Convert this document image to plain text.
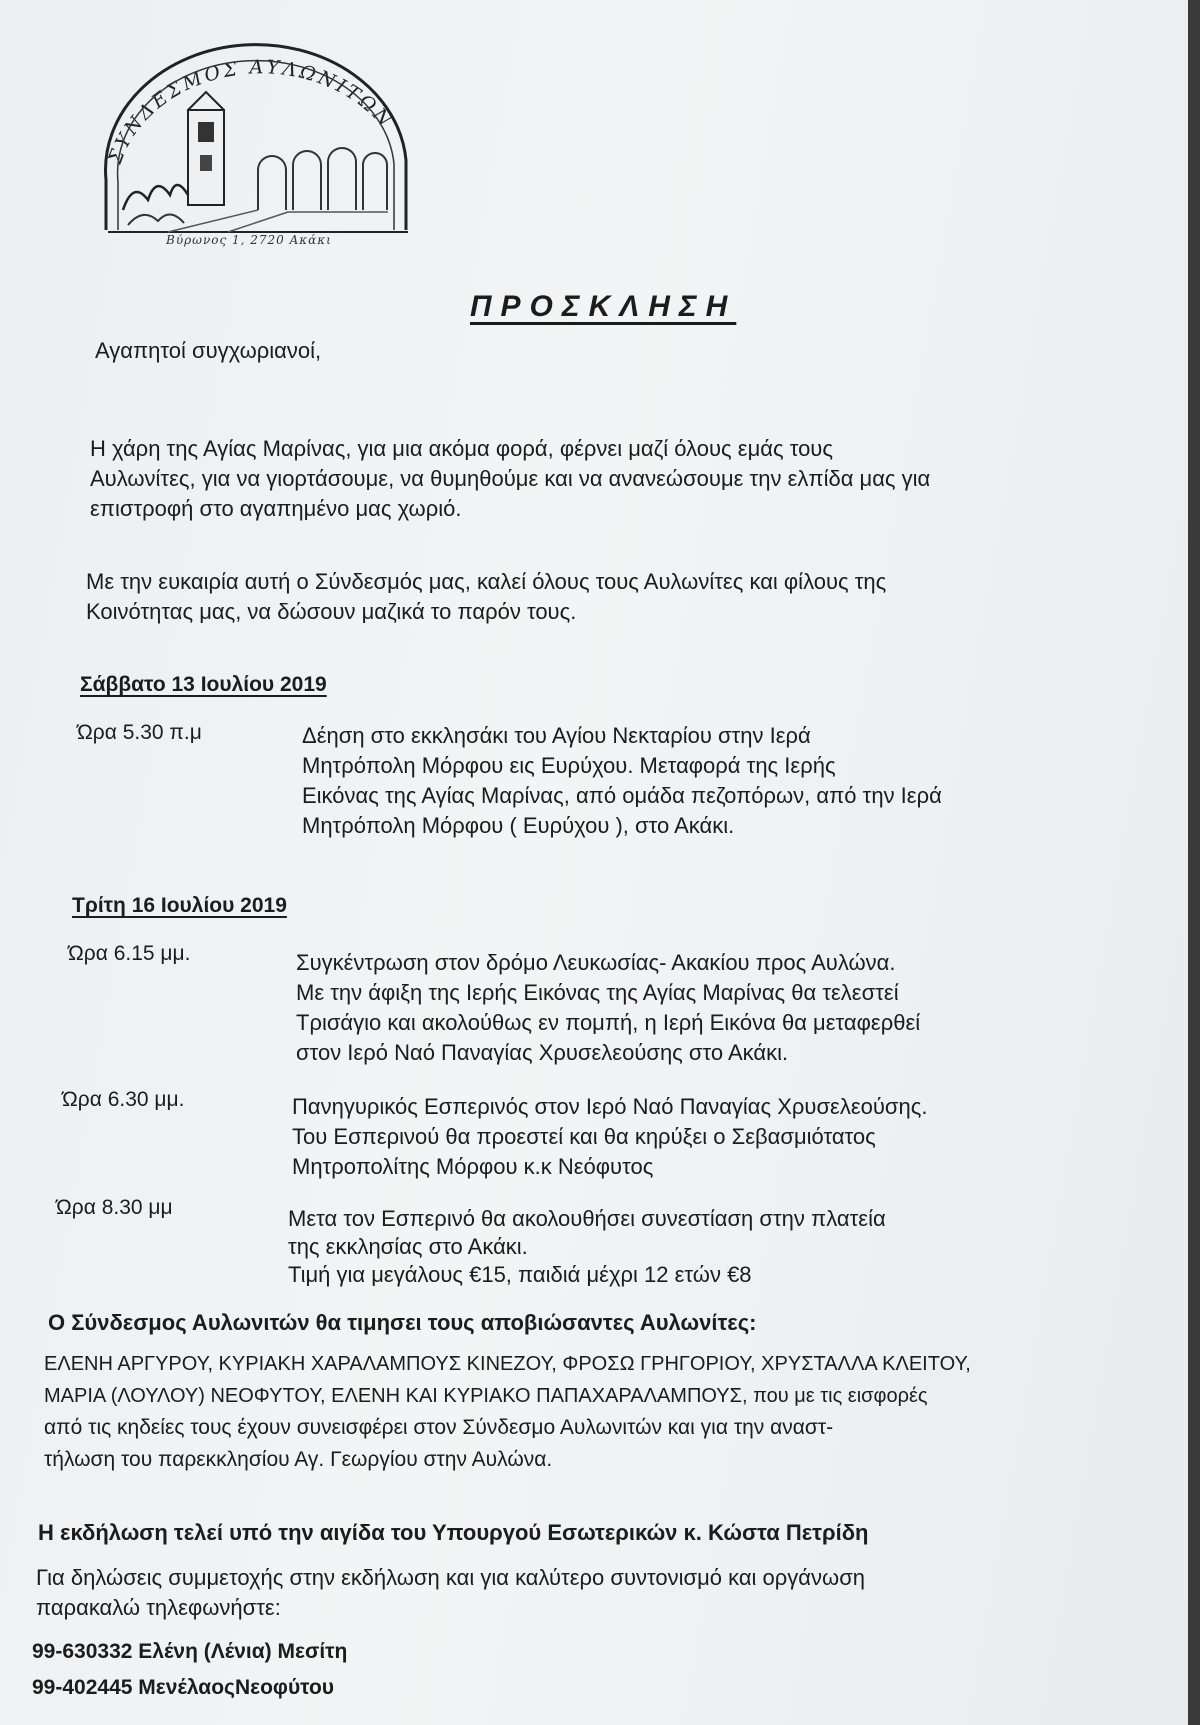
ΣΥΝΔΕΣΜΟΣ ΑΥΛΩΝΙΤΩΝ
Βύρωνος 1, 2720 Ακάκι
ΠΡΟΣΚΛΗΣΗ
Αγαπητοί συγχωριανοί,
Η χάρη της Αγίας Μαρίνας, για μια ακόμα φορά, φέρνει μαζί όλους εμάς τους
Αυλωνίτες, για να γιορτάσουμε, να θυμηθούμε και να ανανεώσουμε την ελπίδα μας για
επιστροφή στο αγαπημένο μας χωριό.
Με την ευκαιρία αυτή ο Σύνδεσμός μας, καλεί όλους τους Αυλωνίτες και φίλους της
Κοινότητας μας, να δώσουν μαζικά το παρόν τους.
Σάββατο 13 Ιουλίου 2019
Ώρα 5.30 π.μ	Δέηση στο εκκλησάκι του Αγίου Νεκταρίου στην Ιερά
Μητρόπολη Μόρφου εις Ευρύχου. Μεταφορά της Ιερής
Εικόνας της Αγίας Μαρίνας, από ομάδα πεζοπόρων, από την Ιερά
Μητρόπολη Μόρφου ( Ευρύχου ), στο Ακάκι.
Τρίτη 16 Ιουλίου 2019
Ώρα 6.15 μμ.	Συγκέντρωση στον δρόμο Λευκωσίας- Ακακίου προς Αυλώνα.
Με την άφιξη της Ιερής Εικόνας της Αγίας Μαρίνας θα τελεστεί
Τρισάγιο και ακολούθως εν πομπή, η Ιερή Εικόνα θα μεταφερθεί
στον Ιερό Ναό Παναγίας Χρυσελεούσης στο Ακάκι.
Ώρα 6.30 μμ.	Πανηγυρικός Εσπερινός στον Ιερό Ναό Παναγίας Χρυσελεούσης.
Του Εσπερινού θα προεστεί και θα κηρύξει ο Σεβασμιότατος
Μητροπολίτης Μόρφου κ.κ Νεόφυτος
Ώρα 8.30 μμ	Μετα τον Εσπερινό θα ακολουθήσει συνεστίαση στην πλατεία
της εκκλησίας στο Ακάκι.
Τιμή για μεγάλους €15, παιδιά μέχρι 12 ετών €8
Ο Σύνδεσμος Αυλωνιτών θα τιμησει τους αποβιώσαντες Αυλωνίτες:
ΕΛΕΝΗ ΑΡΓΥΡΟΥ, ΚΥΡΙΑΚΗ ΧΑΡΑΛΑΜΠΟΥΣ ΚΙΝΕΖΟΥ, ΦΡΟΣΩ ΓΡΗΓΟΡΙΟΥ, ΧΡΥΣΤΑΛΛΑ ΚΛΕΙΤΟΥ,
ΜΑΡΙΑ (ΛΟΥΛΟΥ) ΝΕΟΦΥΤΟΥ, ΕΛΕΝΗ ΚΑΙ ΚΥΡΙΑΚΟ ΠΑΠΑΧΑΡΑΛΑΜΠΟΥΣ, που με τις εισφορές
από τις κηδείες τους έχουν συνεισφέρει στον Σύνδεσμο Αυλωνιτών και για την αναστ-
τήλωση του παρεκκλησίου Αγ. Γεωργίου στην Αυλώνα.
Η εκδήλωση τελεί υπό την αιγίδα του Υπουργού Εσωτερικών κ. Κώστα Πετρίδη
Για δηλώσεις συμμετοχής στην εκδήλωση και για καλύτερο συντονισμό και οργάνωση
παρακαλώ τηλεφωνήστε:
99-630332 Ελένη (Λένια) Μεσίτη
99-402445 ΜενέλαοςΝεοφύτου
